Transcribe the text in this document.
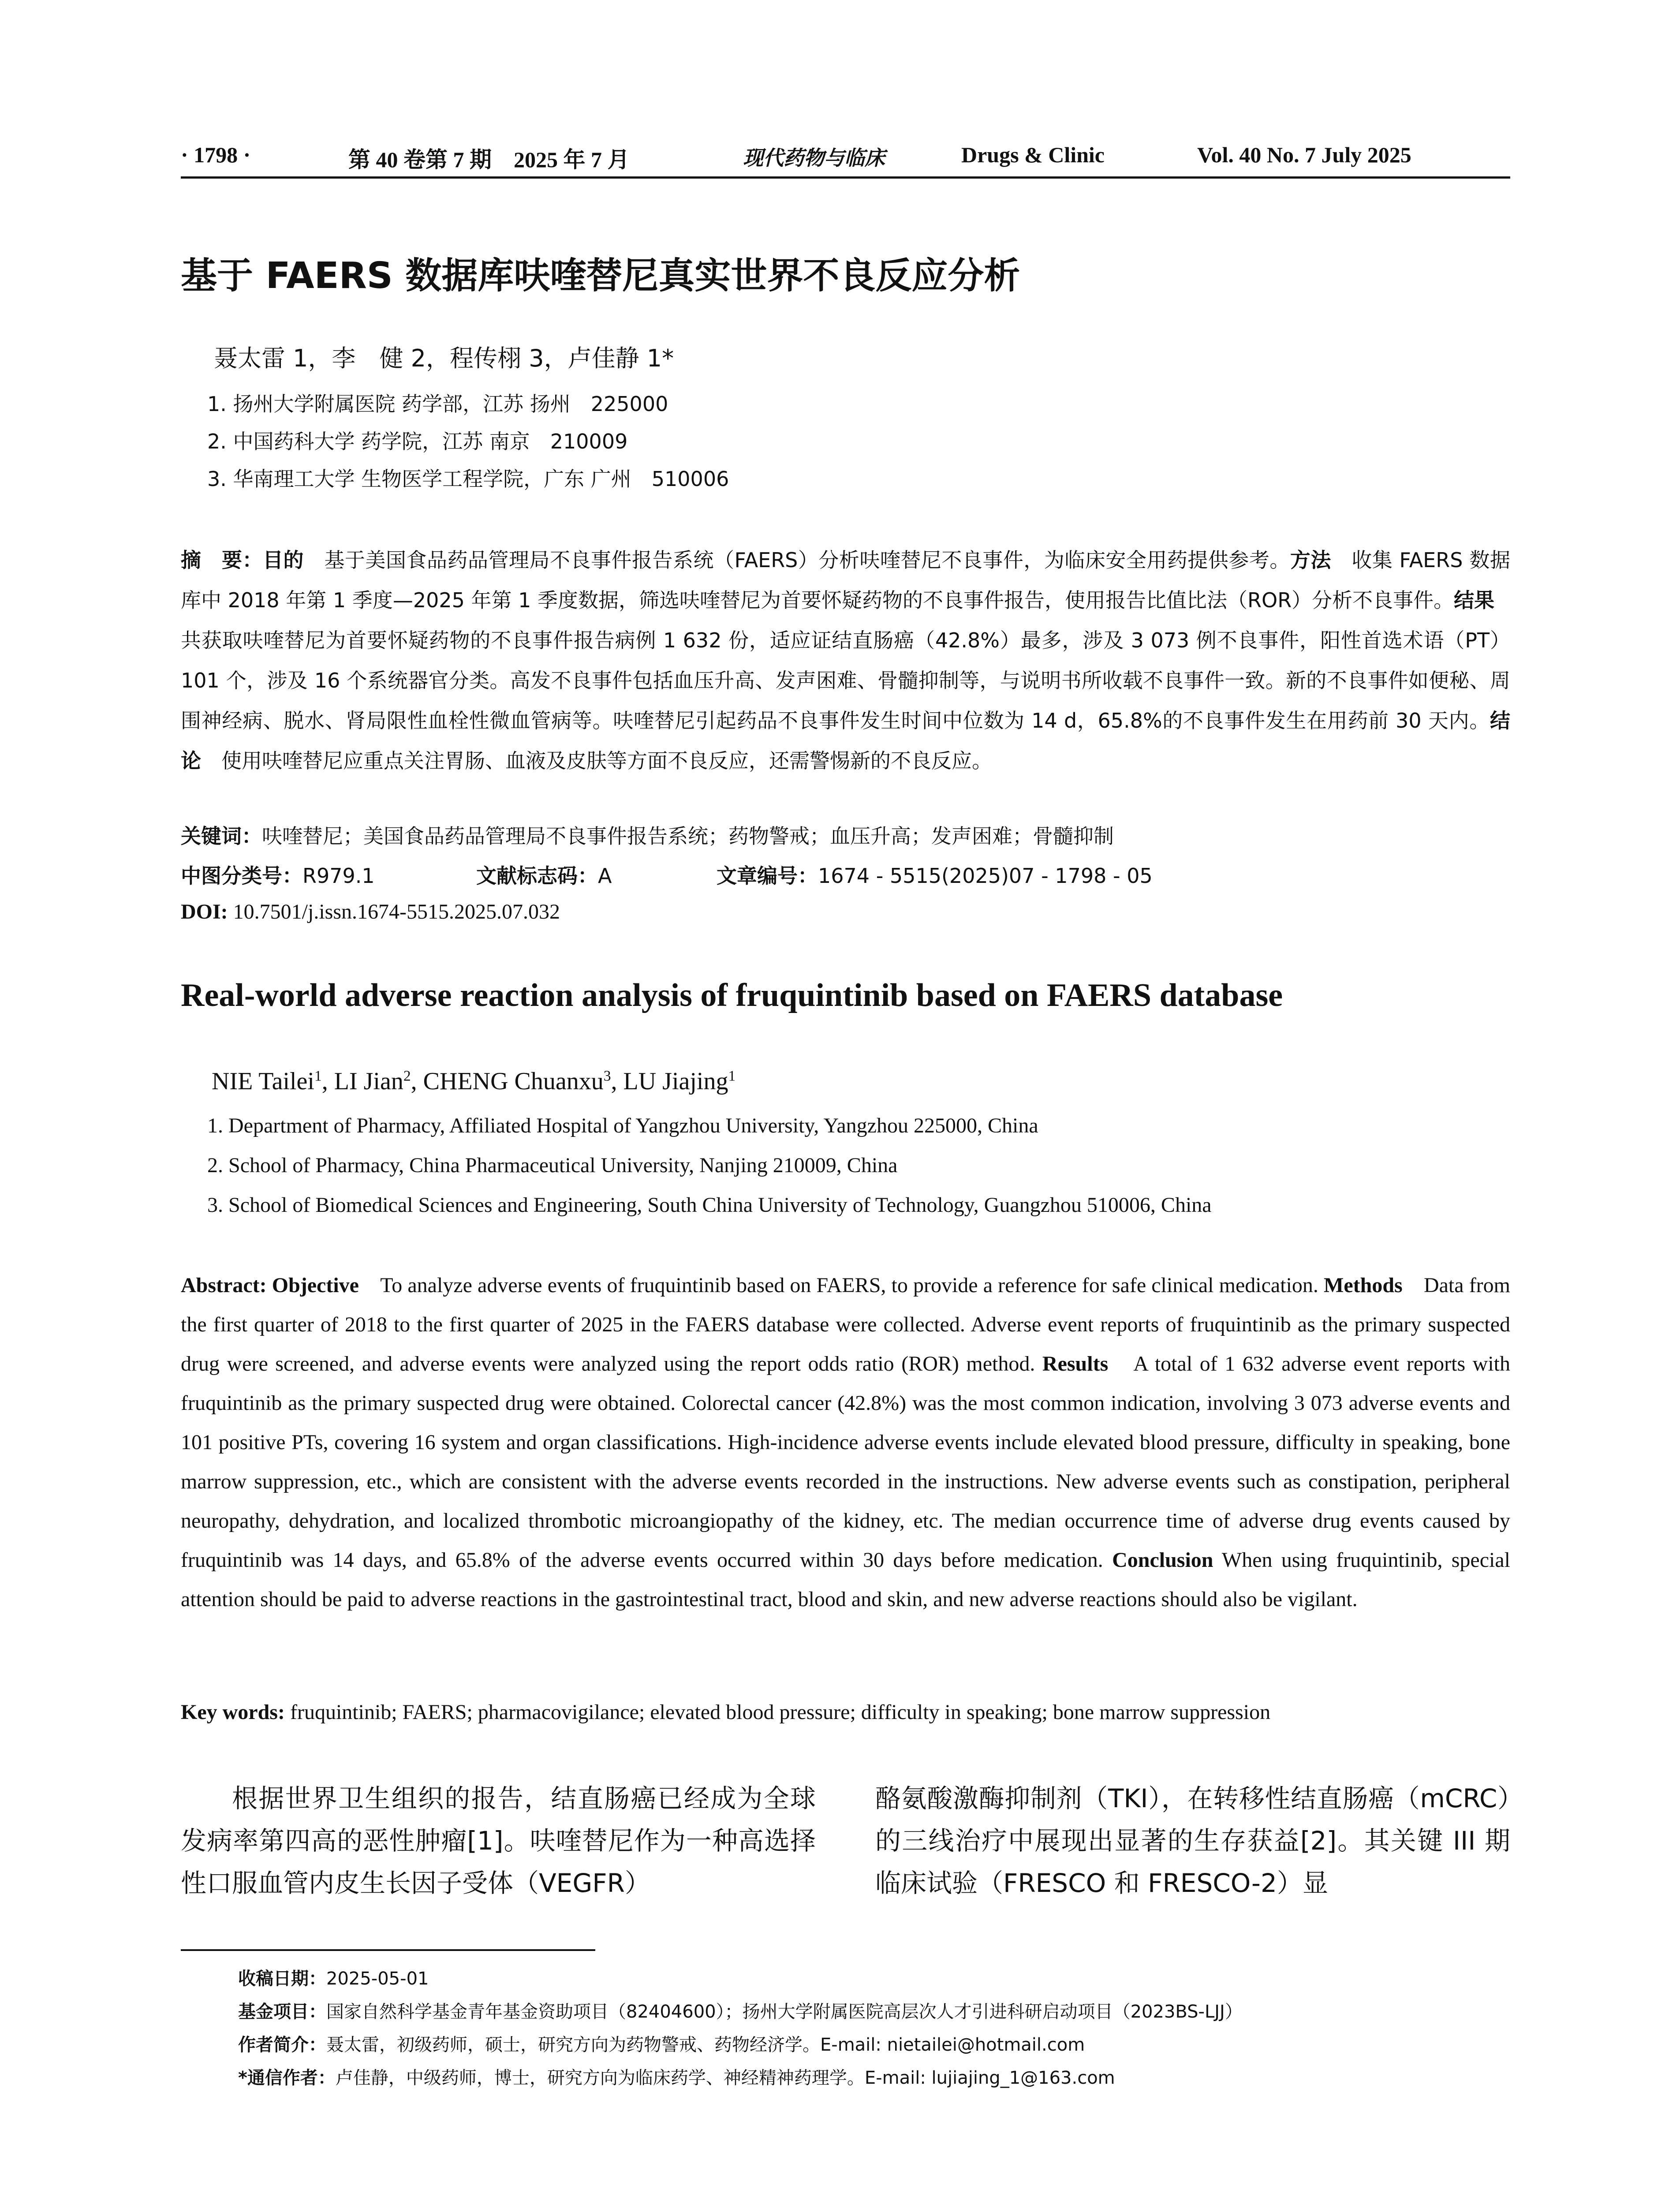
· 1798 ·	第 40 卷第 7 期　2025 年 7 月	现代药物与临床	Drugs & Clinic	Vol. 40 No. 7 July 2025
基于 FAERS 数据库呋喹替尼真实世界不良反应分析
聂太雷 1，李　健 2，程传栩 3，卢佳静 1*
1. 扬州大学附属医院 药学部，江苏 扬州　225000
2. 中国药科大学 药学院，江苏 南京　210009
3. 华南理工大学 生物医学工程学院，广东 广州　510006
摘　要：目的　基于美国食品药品管理局不良事件报告系统（FAERS）分析呋喹替尼不良事件，为临床安全用药提供参考。方法　收集 FAERS 数据库中 2018 年第 1 季度—2025 年第 1 季度数据，筛选呋喹替尼为首要怀疑药物的不良事件报告，使用报告比值比法（ROR）分析不良事件。结果　共获取呋喹替尼为首要怀疑药物的不良事件报告病例 1 632 份，适应证结直肠癌（42.8%）最多，涉及 3 073 例不良事件，阳性首选术语（PT）101 个，涉及 16 个系统器官分类。高发不良事件包括血压升高、发声困难、骨髓抑制等，与说明书所收载不良事件一致。新的不良事件如便秘、周围神经病、脱水、肾局限性血栓性微血管病等。呋喹替尼引起药品不良事件发生时间中位数为 14 d，65.8%的不良事件发生在用药前 30 天内。结论　使用呋喹替尼应重点关注胃肠、血液及皮肤等方面不良反应，还需警惕新的不良反应。
关键词：呋喹替尼；美国食品药品管理局不良事件报告系统；药物警戒；血压升高；发声困难；骨髓抑制
中图分类号：R979.1	文献标志码：A	文章编号：1674 - 5515(2025)07 - 1798 - 05
DOI: 10.7501/j.issn.1674-5515.2025.07.032
Real-world adverse reaction analysis of fruquintinib based on FAERS database
NIE Tailei$^1$, LI Jian$^2$, CHENG Chuanxu$^3$, LU Jiajing$^1$
1. Department of Pharmacy, Affiliated Hospital of Yangzhou University, Yangzhou 225000, China
2. School of Pharmacy, China Pharmaceutical University, Nanjing 210009, China
3. School of Biomedical Sciences and Engineering, South China University of Technology, Guangzhou 510006, China
Abstract: Objective　To analyze adverse events of fruquintinib based on FAERS, to provide a reference for safe clinical medication. Methods　Data from the first quarter of 2018 to the first quarter of 2025 in the FAERS database were collected. Adverse event reports of fruquintinib as the primary suspected drug were screened, and adverse events were analyzed using the report odds ratio (ROR) method. Results　A total of 1 632 adverse event reports with fruquintinib as the primary suspected drug were obtained. Colorectal cancer (42.8%) was the most common indication, involving 3 073 adverse events and 101 positive PTs, covering 16 system and organ classifications. High-incidence adverse events include elevated blood pressure, difficulty in speaking, bone marrow suppression, etc., which are consistent with the adverse events recorded in the instructions. New adverse events such as constipation, peripheral neuropathy, dehydration, and localized thrombotic microangiopathy of the kidney, etc. The median occurrence time of adverse drug events caused by fruquintinib was 14 days, and 65.8% of the adverse events occurred within 30 days before medication. Conclusion When using fruquintinib, special attention should be paid to adverse reactions in the gastrointestinal tract, blood and skin, and new adverse reactions should also be vigilant.
Key words: fruquintinib; FAERS; pharmacovigilance; elevated blood pressure; difficulty in speaking; bone marrow suppression
根据世界卫生组织的报告，结直肠癌已经成为全球发病率第四高的恶性肿瘤[1]。呋喹替尼作为一种高选择性口服血管内皮生长因子受体（VEGFR）
酪氨酸激酶抑制剂（TKI），在转移性结直肠癌（mCRC）的三线治疗中展现出显著的生存获益[2]。其关键 III 期临床试验（FRESCO 和 FRESCO-2）显
收稿日期：2025-05-01
基金项目：国家自然科学基金青年基金资助项目（82404600）；扬州大学附属医院高层次人才引进科研启动项目（2023BS-LJJ）
作者简介：聂太雷，初级药师，硕士，研究方向为药物警戒、药物经济学。E-mail: nietailei@hotmail.com
*通信作者：卢佳静，中级药师，博士，研究方向为临床药学、神经精神药理学。E-mail: lujiajing_1@163.com
